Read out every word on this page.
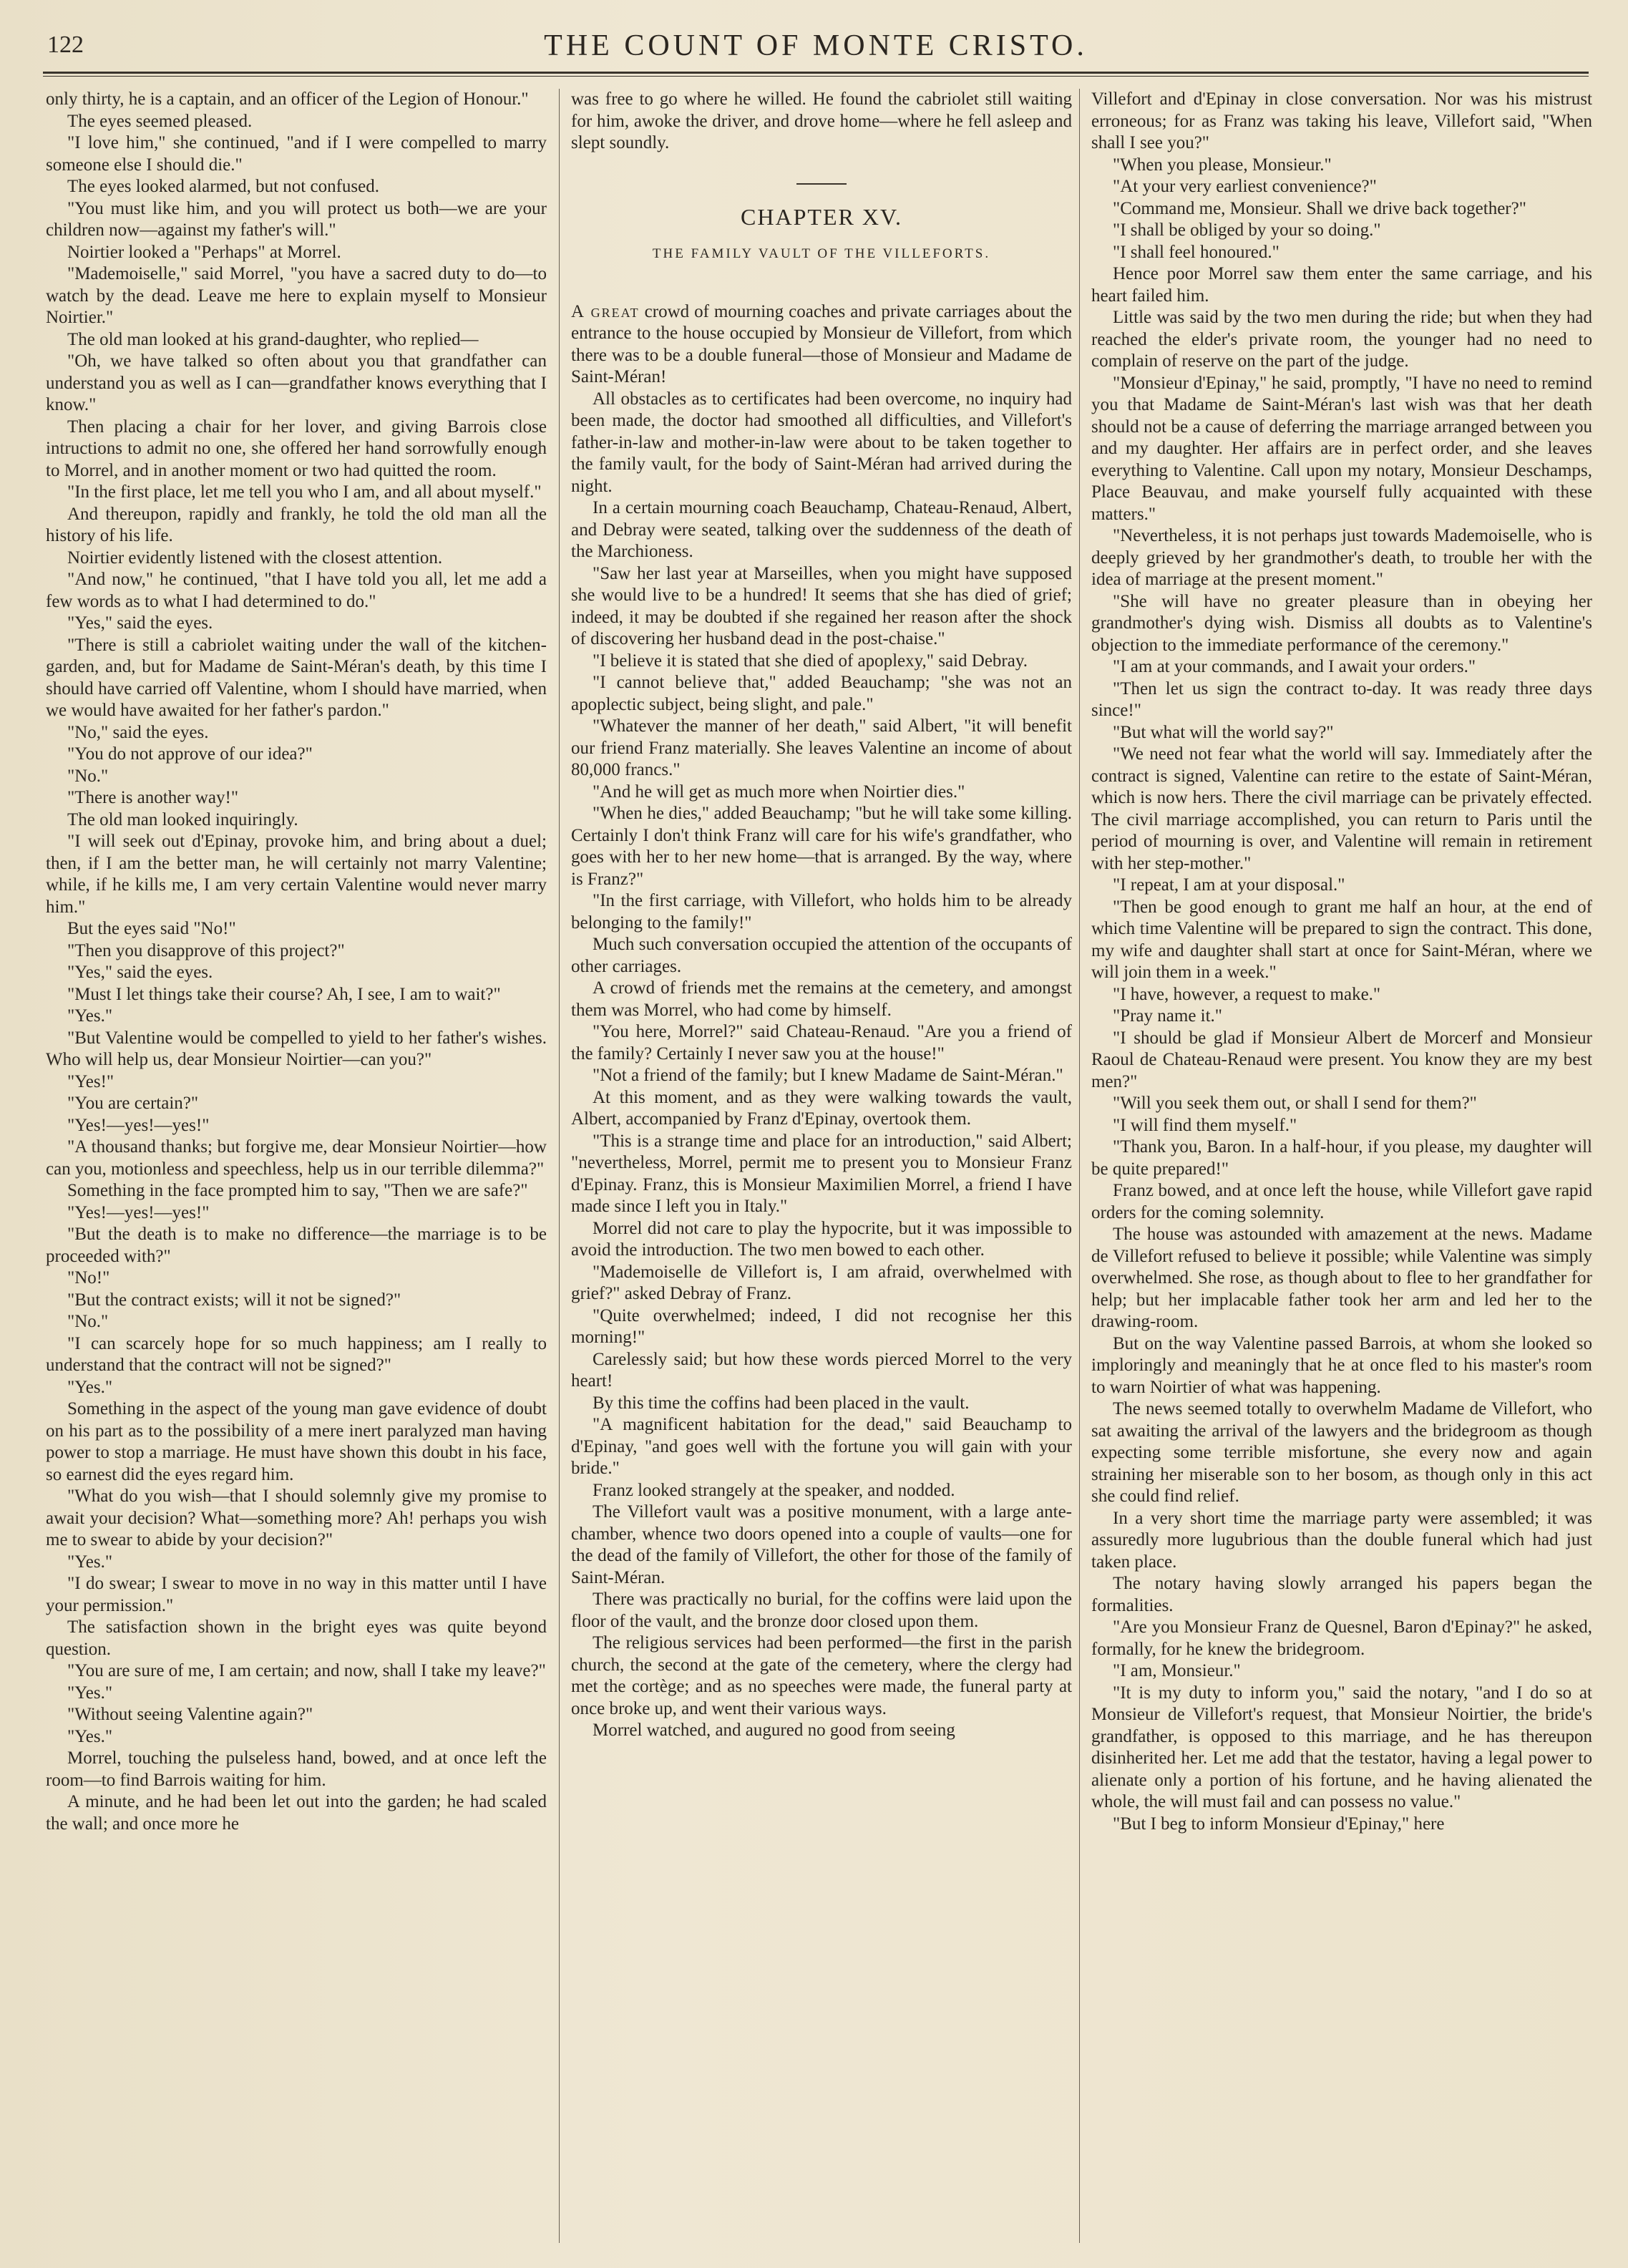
122	THE COUNT OF MONTE CRISTO.

only thirty, he is a captain, and an officer of the Legion of Honour."

The eyes seemed pleased.

"I love him," she continued, "and if I were compelled to marry someone else I should die."

The eyes looked alarmed, but not confused.

"You must like him, and you will protect us both—we are your children now—against my father's will."

Noirtier looked a "Perhaps" at Morrel.

"Mademoiselle," said Morrel, "you have a sacred duty to do—to watch by the dead. Leave me here to explain myself to Monsieur Noirtier."

The old man looked at his grand-daughter, who replied—

"Oh, we have talked so often about you that grandfather can understand you as well as I can—grandfather knows everything that I know."

Then placing a chair for her lover, and giving Barrois close intructions to admit no one, she offered her hand sorrowfully enough to Morrel, and in another moment or two had quitted the room.

"In the first place, let me tell you who I am, and all about myself."

And thereupon, rapidly and frankly, he told the old man all the history of his life.

Noirtier evidently listened with the closest attention.

"And now," he continued, "that I have told you all, let me add a few words as to what I had determined to do."

"Yes," said the eyes.

"There is still a cabriolet waiting under the wall of the kitchen-garden, and, but for Madame de Saint-Méran's death, by this time I should have carried off Valentine, whom I should have married, when we would have awaited for her father's pardon."

"No," said the eyes.

"You do not approve of our idea?"

"No."

"There is another way!"

The old man looked inquiringly.

"I will seek out d'Epinay, provoke him, and bring about a duel; then, if I am the better man, he will certainly not marry Valentine; while, if he kills me, I am very certain Valentine would never marry him."

But the eyes said "No!"

"Then you disapprove of this project?"

"Yes," said the eyes.

"Must I let things take their course? Ah, I see, I am to wait?"

"Yes."

"But Valentine would be compelled to yield to her father's wishes. Who will help us, dear Monsieur Noirtier—can you?"

"Yes!"

"You are certain?"

"Yes!—yes!—yes!"

"A thousand thanks; but forgive me, dear Monsieur Noirtier—how can you, motionless and speechless, help us in our terrible dilemma?"

Something in the face prompted him to say, "Then we are safe?"

"Yes!—yes!—yes!"

"But the death is to make no difference—the marriage is to be proceeded with?"

"No!"

"But the contract exists; will it not be signed?"

"No."

"I can scarcely hope for so much happiness; am I really to understand that the contract will not be signed?"

"Yes."

Something in the aspect of the young man gave evidence of doubt on his part as to the possibility of a mere inert paralyzed man having power to stop a marriage. He must have shown this doubt in his face, so earnest did the eyes regard him.

"What do you wish—that I should solemnly give my promise to await your decision? What—something more? Ah! perhaps you wish me to swear to abide by your decision?"

"Yes."

"I do swear; I swear to move in no way in this matter until I have your permission."

The satisfaction shown in the bright eyes was quite beyond question.

"You are sure of me, I am certain; and now, shall I take my leave?"

"Yes."

"Without seeing Valentine again?"

"Yes."

Morrel, touching the pulseless hand, bowed, and at once left the room—to find Barrois waiting for him.

A minute, and he had been let out into the garden; he had scaled the wall; and once more he

was free to go where he willed. He found the cabriolet still waiting for him, awoke the driver, and drove home—where he fell asleep and slept soundly.

CHAPTER XV.

THE FAMILY VAULT OF THE VILLEFORTS.

A great crowd of mourning coaches and private carriages about the entrance to the house occupied by Monsieur de Villefort, from which there was to be a double funeral—those of Monsieur and Madame de Saint-Méran!

All obstacles as to certificates had been overcome, no inquiry had been made, the doctor had smoothed all difficulties, and Villefort's father-in-law and mother-in-law were about to be taken together to the family vault, for the body of Saint-Méran had arrived during the night.

In a certain mourning coach Beauchamp, Chateau-Renaud, Albert, and Debray were seated, talking over the suddenness of the death of the Marchioness.

"Saw her last year at Marseilles, when you might have supposed she would live to be a hundred! It seems that she has died of grief; indeed, it may be doubted if she regained her reason after the shock of discovering her husband dead in the post-chaise."

"I believe it is stated that she died of apoplexy," said Debray.

"I cannot believe that," added Beauchamp; "she was not an apoplectic subject, being slight, and pale."

"Whatever the manner of her death," said Albert, "it will benefit our friend Franz materially. She leaves Valentine an income of about 80,000 francs."

"And he will get as much more when Noirtier dies."

"When he dies," added Beauchamp; "but he will take some killing. Certainly I don't think Franz will care for his wife's grandfather, who goes with her to her new home—that is arranged. By the way, where is Franz?"

"In the first carriage, with Villefort, who holds him to be already belonging to the family!"

Much such conversation occupied the attention of the occupants of other carriages.

A crowd of friends met the remains at the cemetery, and amongst them was Morrel, who had come by himself.

"You here, Morrel?" said Chateau-Renaud. "Are you a friend of the family? Certainly I never saw you at the house!"

"Not a friend of the family; but I knew Madame de Saint-Méran."

At this moment, and as they were walking towards the vault, Albert, accompanied by Franz d'Epinay, overtook them.

"This is a strange time and place for an introduction," said Albert; "nevertheless, Morrel, permit me to present you to Monsieur Franz d'Epinay. Franz, this is Monsieur Maximilien Morrel, a friend I have made since I left you in Italy."

Morrel did not care to play the hypocrite, but it was impossible to avoid the introduction. The two men bowed to each other.

"Mademoiselle de Villefort is, I am afraid, overwhelmed with grief?" asked Debray of Franz.

"Quite overwhelmed; indeed, I did not recognise her this morning!"

Carelessly said; but how these words pierced Morrel to the very heart!

By this time the coffins had been placed in the vault.

"A magnificent habitation for the dead," said Beauchamp to d'Epinay, "and goes well with the fortune you will gain with your bride."

Franz looked strangely at the speaker, and nodded.

The Villefort vault was a positive monument, with a large ante-chamber, whence two doors opened into a couple of vaults—one for the dead of the family of Villefort, the other for those of the family of Saint-Méran.

There was practically no burial, for the coffins were laid upon the floor of the vault, and the bronze door closed upon them.

The religious services had been performed—the first in the parish church, the second at the gate of the cemetery, where the clergy had met the cortège; and as no speeches were made, the funeral party at once broke up, and went their various ways.

Morrel watched, and augured no good from seeing

Villefort and d'Epinay in close conversation. Nor was his mistrust erroneous; for as Franz was taking his leave, Villefort said, "When shall I see you?"

"When you please, Monsieur."

"At your very earliest convenience?"

"Command me, Monsieur. Shall we drive back together?"

"I shall be obliged by your so doing."

"I shall feel honoured."

Hence poor Morrel saw them enter the same carriage, and his heart failed him.

Little was said by the two men during the ride; but when they had reached the elder's private room, the younger had no need to complain of reserve on the part of the judge.

"Monsieur d'Epinay," he said, promptly, "I have no need to remind you that Madame de Saint-Méran's last wish was that her death should not be a cause of deferring the marriage arranged between you and my daughter. Her affairs are in perfect order, and she leaves everything to Valentine. Call upon my notary, Monsieur Deschamps, Place Beauvau, and make yourself fully acquainted with these matters."

"Nevertheless, it is not perhaps just towards Mademoiselle, who is deeply grieved by her grandmother's death, to trouble her with the idea of marriage at the present moment."

"She will have no greater pleasure than in obeying her grandmother's dying wish. Dismiss all doubts as to Valentine's objection to the immediate performance of the ceremony."

"I am at your commands, and I await your orders."

"Then let us sign the contract to-day. It was ready three days since!"

"But what will the world say?"

"We need not fear what the world will say. Immediately after the contract is signed, Valentine can retire to the estate of Saint-Méran, which is now hers. There the civil marriage can be privately effected. The civil marriage accomplished, you can return to Paris until the period of mourning is over, and Valentine will remain in retirement with her step-mother."

"I repeat, I am at your disposal."

"Then be good enough to grant me half an hour, at the end of which time Valentine will be prepared to sign the contract. This done, my wife and daughter shall start at once for Saint-Méran, where we will join them in a week."

"I have, however, a request to make."

"Pray name it."

"I should be glad if Monsieur Albert de Morcerf and Monsieur Raoul de Chateau-Renaud were present. You know they are my best men?"

"Will you seek them out, or shall I send for them?"

"I will find them myself."

"Thank you, Baron. In a half-hour, if you please, my daughter will be quite prepared!"

Franz bowed, and at once left the house, while Villefort gave rapid orders for the coming solemnity.

The house was astounded with amazement at the news. Madame de Villefort refused to believe it possible; while Valentine was simply overwhelmed. She rose, as though about to flee to her grandfather for help; but her implacable father took her arm and led her to the drawing-room.

But on the way Valentine passed Barrois, at whom she looked so imploringly and meaningly that he at once fled to his master's room to warn Noirtier of what was happening.

The news seemed totally to overwhelm Madame de Villefort, who sat awaiting the arrival of the lawyers and the bridegroom as though expecting some terrible misfortune, she every now and again straining her miserable son to her bosom, as though only in this act she could find relief.

In a very short time the marriage party were assembled; it was assuredly more lugubrious than the double funeral which had just taken place.

The notary having slowly arranged his papers began the formalities.

"Are you Monsieur Franz de Quesnel, Baron d'Epinay?" he asked, formally, for he knew the bridegroom.

"I am, Monsieur."

"It is my duty to inform you," said the notary, "and I do so at Monsieur de Villefort's request, that Monsieur Noirtier, the bride's grandfather, is opposed to this marriage, and he has thereupon disinherited her. Let me add that the testator, having a legal power to alienate only a portion of his fortune, and he having alienated the whole, the will must fail and can possess no value."

"But I beg to inform Monsieur d'Epinay," here
